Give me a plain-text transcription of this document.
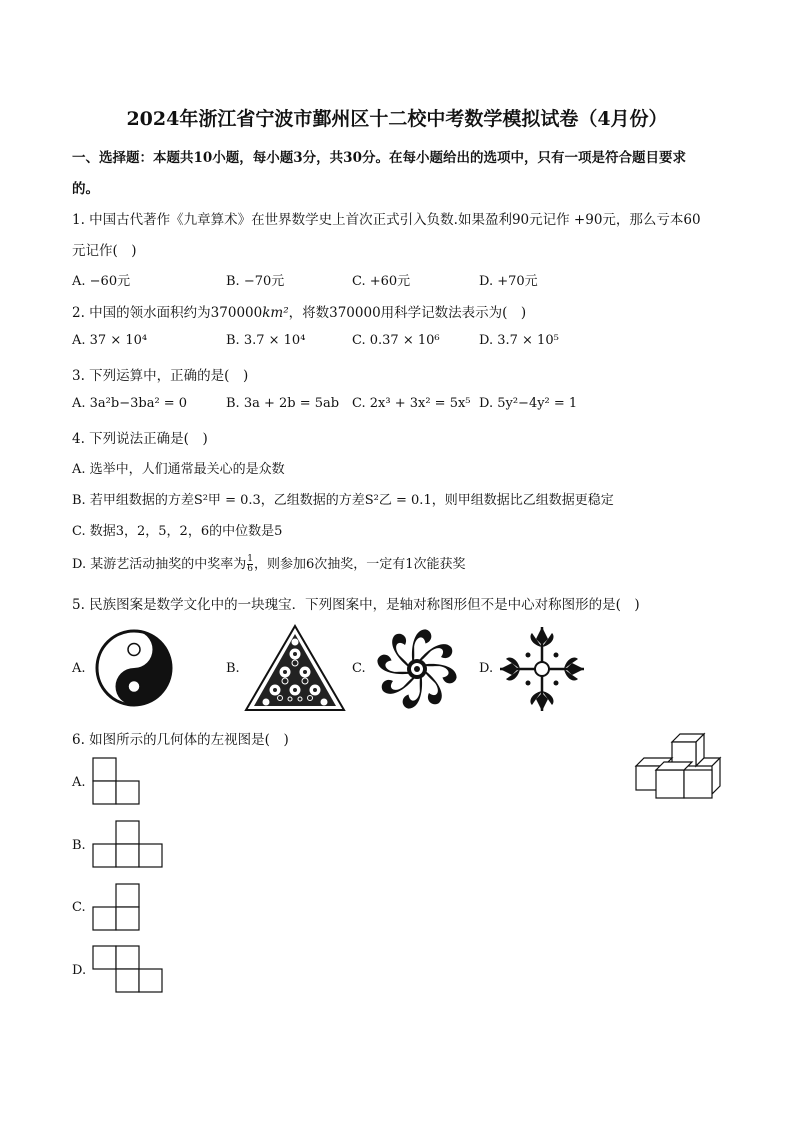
2024年浙江省宁波市鄞州区十二校中考数学模拟试卷（4月份）
一、选择题：本题共10小题，每小题3分，共30分。在每小题给出的选项中，只有一项是符合题目要求
的。
1. 中国古代著作《九章算术》在世界数学史上首次正式引入负数.如果盈利90元记作 +90元，那么亏本60
元记作(　)
A. −60元	B. −70元	C. +60元	D. +70元
2. 中国的领水面积约为370000km²，将数370000用科学记数法表示为(　)
A. 37 × 10⁴	B. 3.7 × 10⁴	C. 0.37 × 10⁶	D. 3.7 × 10⁵
3. 下列运算中，正确的是(　)
A. 3a²b−3ba² = 0	B. 3a + 2b = 5ab C. 2x³ + 3x² = 5x⁵ D. 5y²−4y² = 1
4. 下列说法正确是(　)
A. 选举中，人们通常最关心的是众数
B. 若甲组数据的方差S²甲 = 0.3，乙组数据的方差S²乙 = 0.1，则甲组数据比乙组数据更稳定
C. 数据3，2，5，2，6的中位数是5
D. 某游艺活动抽奖的中奖率为 $\frac{1}{6}$ ，则参加6次抽奖，一定有1次能获奖
5. 民族图案是数学文化中的一块瑰宝．下列图案中，是轴对称图形但不是中心对称图形的是(　)
A.	B.	C.	D.
6. 如图所示的几何体的左视图是(　)
A.
B.
C.
D.
